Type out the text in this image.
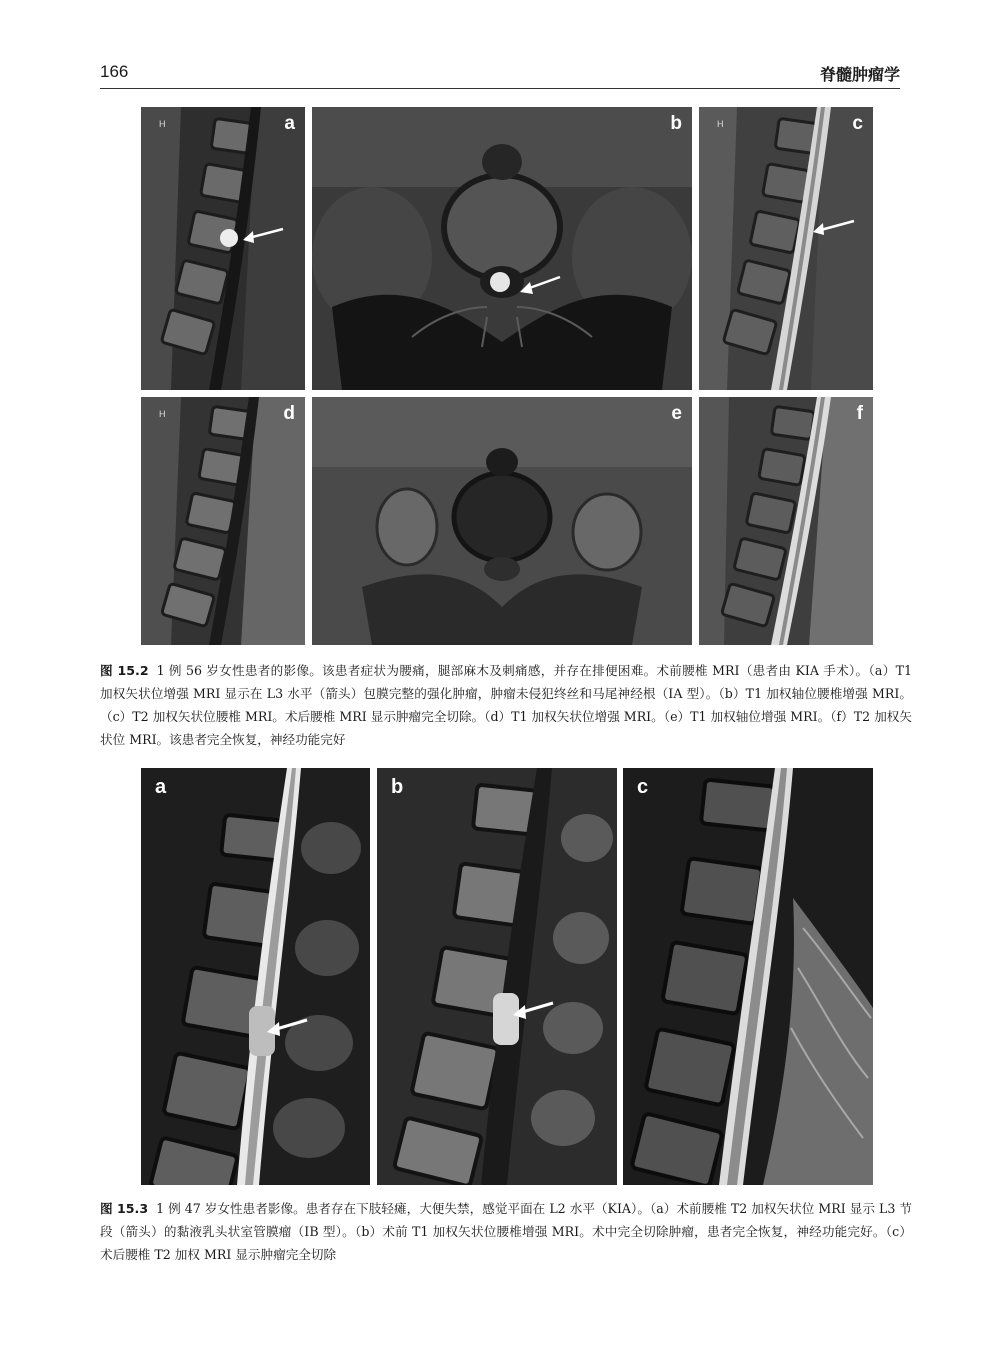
166	脊髓肿瘤学
H	a	b	H	c
H	d	e	f
图 15.2 1 例 56 岁女性患者的影像。该患者症状为腰痛，腿部麻木及刺痛感，并存在排便困难。术前腰椎 MRI（患者由 KIA 手术）。（a）T1 加权矢状位增强 MRI 显示在 L3 水平（箭头）包膜完整的强化肿瘤，肿瘤未侵犯终丝和马尾神经根（ⅠA 型）。（b）T1 加权轴位腰椎增强 MRI。（c）T2 加权矢状位腰椎 MRI。术后腰椎 MRI 显示肿瘤完全切除。（d）T1 加权矢状位增强 MRI。（e）T1 加权轴位增强 MRI。（f）T2 加权矢状位 MRI。该患者完全恢复，神经功能完好
a	b	c
图 15.3 1 例 47 岁女性患者影像。患者存在下肢轻瘫，大便失禁，感觉平面在 L2 水平（KIA）。（a）术前腰椎 T2 加权矢状位 MRI 显示 L3 节段（箭头）的黏液乳头状室管膜瘤（ⅠB 型）。（b）术前 T1 加权矢状位腰椎增强 MRI。术中完全切除肿瘤，患者完全恢复，神经功能完好。（c）术后腰椎 T2 加权 MRI 显示肿瘤完全切除
